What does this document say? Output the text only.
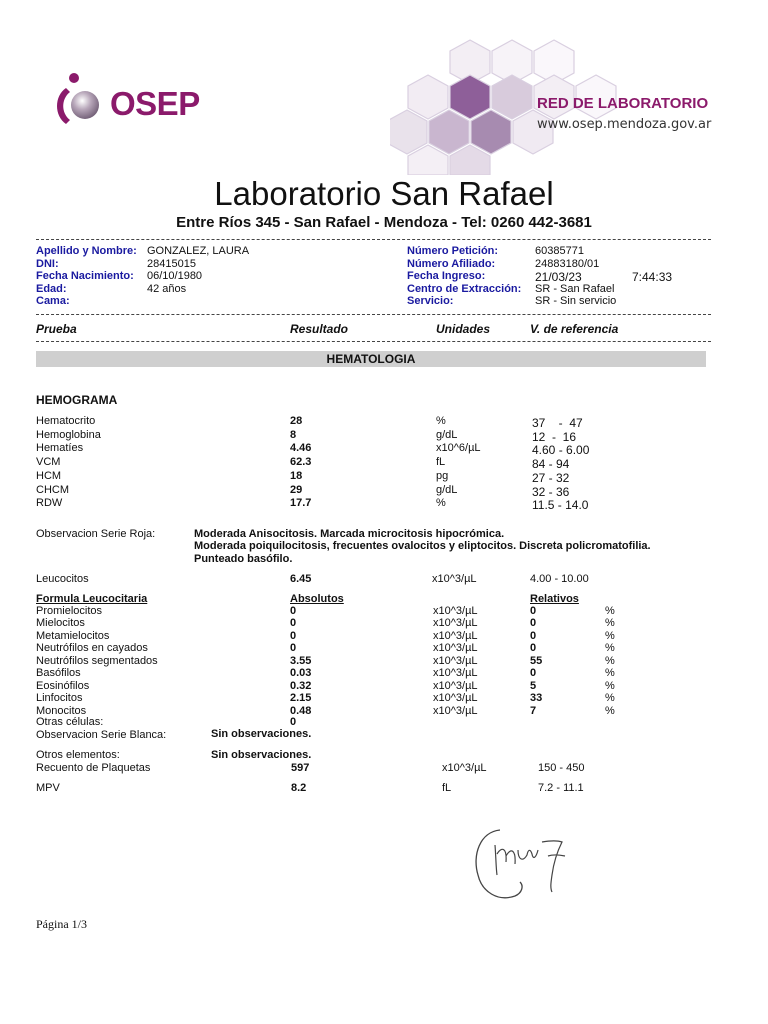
OSEP	RED DE LABORATORIO
www.osep.mendoza.gov.ar
Laboratorio San Rafael
Entre Ríos 345 - San Rafael - Mendoza - Tel: 0260 442-3681
Apellido y Nombre: GONZALEZ, LAURA
DNI:	28415015
Fecha Nacimiento: 06/10/1980
Edad:	42 años
Cama:
Número Petición:	60385771
Número Afiliado:	24883180/01
Fecha Ingreso:	21/03/23	7:44:33
Centro de Extracción: SR - San Rafael
Servicio:	SR - Sin servicio
Prueba	Resultado	Unidades	V. de referencia
HEMATOLOGIA
HEMOGRAMA
Hematocrito	28	%	37    -  47
Hemoglobina	8	g/dL	12  -  16
Hematíes	4.46	x10^6/µL	4.60 - 6.00
VCM	62.3	fL	84 - 94
HCM	18	pg	27 - 32
CHCM	29	g/dL	32 - 36
RDW	17.7	%	11.5 - 14.0
Observacion Serie Roja:	Moderada Anisocitosis. Marcada microcitosis hipocrómica.
Moderada poiquilocitosis, frecuentes ovalocitos y eliptocitos. Discreta policromatofilia.
Punteado basófilo.
Leucocitos	6.45	x10^3/µL	4.00 - 10.00
Formula Leucocitaria	Absolutos	Relativos
Promielocitos	0	x10^3/µL	0	%
Mielocitos	0	x10^3/µL	0	%
Metamielocitos	0	x10^3/µL	0	%
Neutrófilos en cayados	0	x10^3/µL	0	%
Neutrófilos segmentados	3.55	x10^3/µL	55	%
Basófilos	0.03	x10^3/µL	0	%
Eosinófilos	0.32	x10^3/µL	5	%
Linfocitos	2.15	x10^3/µL	33	%
Monocitos	0.48	x10^3/µL	7	%
Otras células:	0
Observacion Serie Blanca:	Sin observaciones.
Otros elementos:	Sin observaciones.
Recuento de Plaquetas	597	x10^3/µL	150 - 450
MPV	8.2	fL	7.2 - 11.1
Página 1/3
